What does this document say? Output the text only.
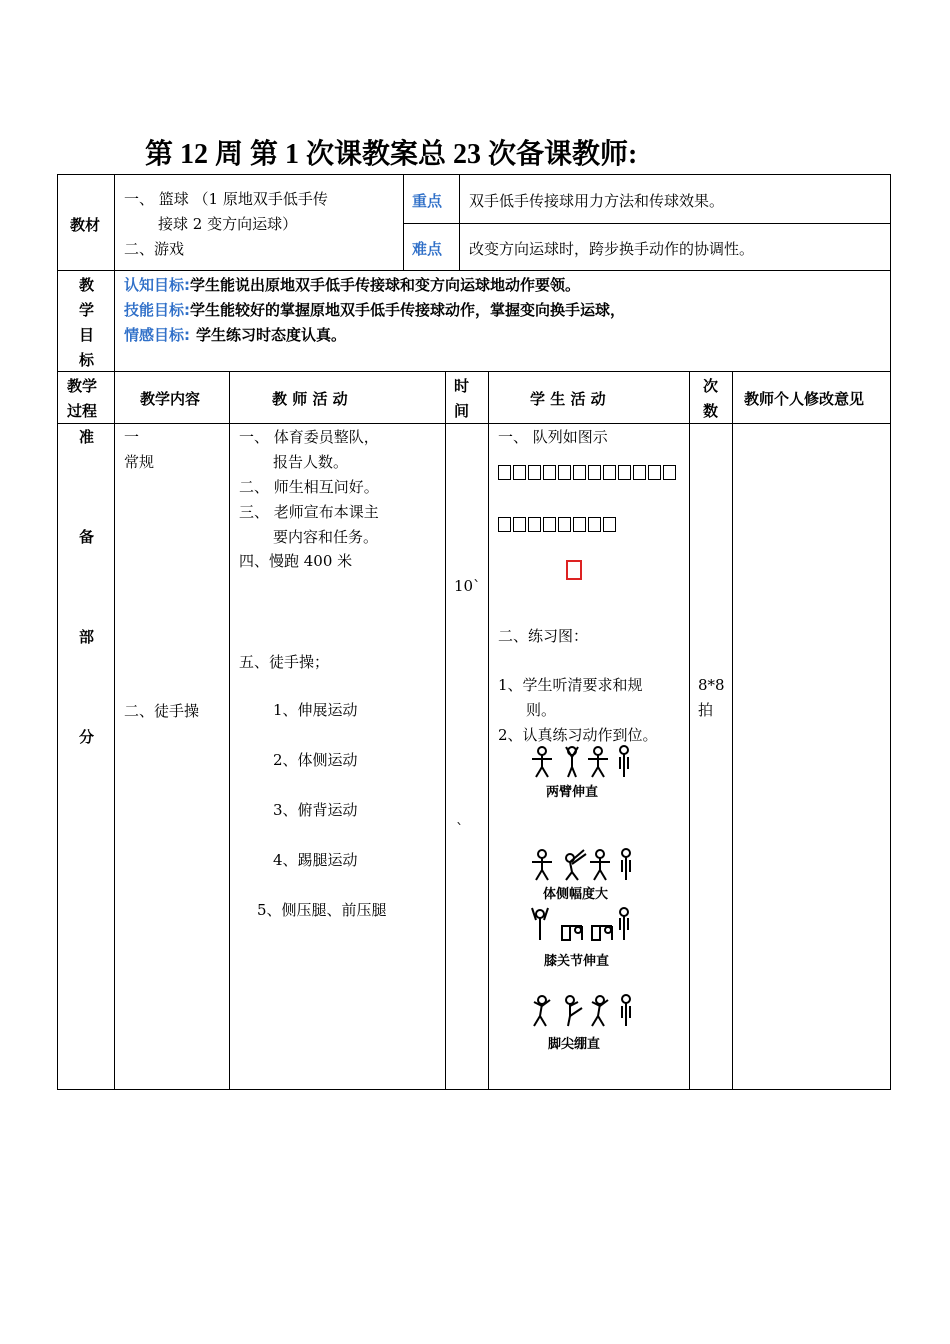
第 12 周 第 1 次课教案总 23 次备课教师:
教材
一、 篮球 （1 原地双手低手传
接球 2 变方向运球）
二、游戏
重点 双手低手传接球用力方法和传球效果。
难点 改变方向运球时，跨步换手动作的协调性。
教
学
目
标
认知目标:学生能说出原地双手低手传接球和变方向运球地动作要领。
技能目标:学生能较好的掌握原地双手低手传接球动作，掌握变向换手运球，
情感目标: 学生练习时态度认真。
教学
过程
教学内容	教 师 活 动
时
间
学 生 活 动
次
数
教师个人修改意见
准
备
部
分
一
常规
二、徒手操
一、 体育委员整队，
报告人数。
二、 师生相互问好。
三、 老师宣布本课主
要内容和任务。
四、慢跑 400 米
五、徒手操；
1、伸展运动
2、体侧运动
3、俯背运动
4、踢腿运动
5、侧压腿、前压腿
10`
`
一、 队列如图示
二、练习图：
1、学生听清要求和规
则。
2、认真练习动作到位。
两臂伸直
体侧幅度大
膝关节伸直
脚尖绷直
8*8
拍
